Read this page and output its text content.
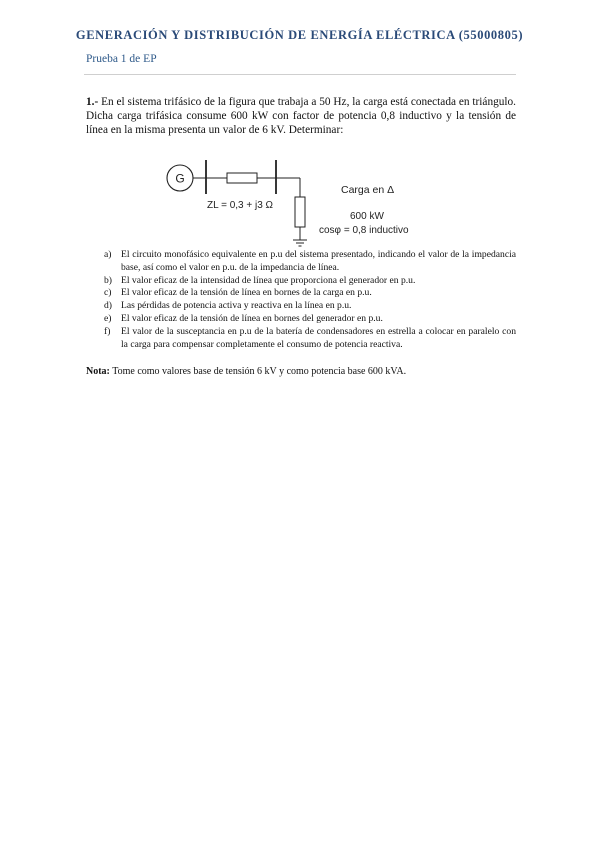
GENERACIÓN Y DISTRIBUCIÓN DE ENERGÍA ELÉCTRICA (55000805)
Prueba 1 de EP
1.- En el sistema trifásico de la figura que trabaja a 50 Hz, la carga está conectada en triángulo. Dicha carga trifásica consume 600 kW con factor de potencia 0,8 inductivo y la tensión de línea en la misma presenta un valor de 6 kV. Determinar:
G
ZL = 0,3 + j3 Ω
Carga en Δ
600 kW
cosφ = 0,8 inductivo
a) El circuito monofásico equivalente en p.u del sistema presentado, indicando el valor de la impedancia base, así como el valor en p.u. de la impedancia de línea.
b) El valor eficaz de la intensidad de línea que proporciona el generador en p.u.
c) El valor eficaz de la tensión de línea en bornes de la carga en p.u.
d) Las pérdidas de potencia activa y reactiva en la línea en p.u.
e) El valor eficaz de la tensión de línea en bornes del generador en p.u.
f) El valor de la susceptancia en p.u de la batería de condensadores en estrella a colocar en paralelo con la carga para compensar completamente el consumo de potencia reactiva.
Nota: Tome como valores base de tensión 6 kV y como potencia base 600 kVA.
